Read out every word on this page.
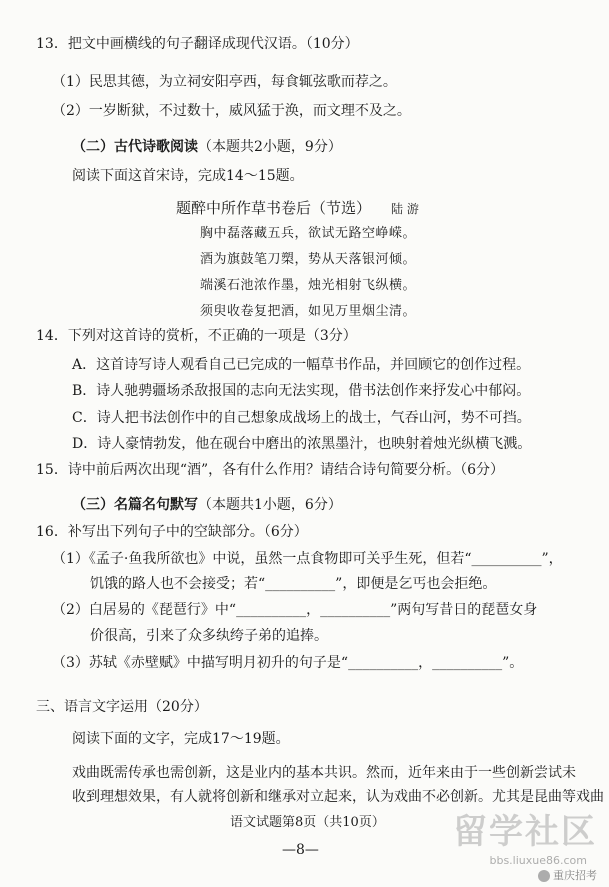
13．把文中画横线的句子翻译成现代汉语。（10分）
（1）民思其德，为立祠安阳亭西，每食辄弦歌而荐之。
（2）一岁断狱，不过数十，威风猛于涣，而文理不及之。
（二）古代诗歌阅读（本题共2小题，9分）
阅读下面这首宋诗，完成14～15题。
题醉中所作草书卷后（节选） 陆 游
胸中磊落藏五兵，欲试无路空峥嵘。
酒为旗鼓笔刀槊，势从天落银河倾。
端溪石池浓作墨，烛光相射飞纵横。
须臾收卷复把酒，如见万里烟尘清。
14．下列对这首诗的赏析，不正确的一项是（3分）
A．这首诗写诗人观看自己已完成的一幅草书作品，并回顾它的创作过程。
B．诗人驰骋疆场杀敌报国的志向无法实现，借书法创作来抒发心中郁闷。
C．诗人把书法创作中的自己想象成战场上的战士，气吞山河，势不可挡。
D．诗人豪情勃发，他在砚台中磨出的浓黑墨汁，也映射着烛光纵横飞溅。
15．诗中前后两次出现“酒”，各有什么作用？请结合诗句简要分析。（6分）
（三）名篇名句默写（本题共1小题，6分）
16．补写出下列句子中的空缺部分。（6分）
（1）《孟子·鱼我所欲也》中说，虽然一点食物即可关乎生死，但若“__________”，
饥饿的路人也不会接受；若“__________”，即便是乞丐也会拒绝。
（2）白居易的《琵琶行》中“__________，__________”两句写昔日的琵琶女身
价很高，引来了众多纨绔子弟的追捧。
（3）苏轼《赤壁赋》中描写明月初升的句子是“__________，__________”。
三、语言文字运用（20分）
阅读下面的文字，完成17～19题。
戏曲既需传承也需创新，这是业内的基本共识。然而，近年来由于一些创新尝试未
收到理想效果，有人就将创新和继承对立起来，认为戏曲不必创新。尤其是昆曲等戏曲
语文试题第8页（共10页）
—8—	留学社区
bbs.liuxue86.com
重庆招考
